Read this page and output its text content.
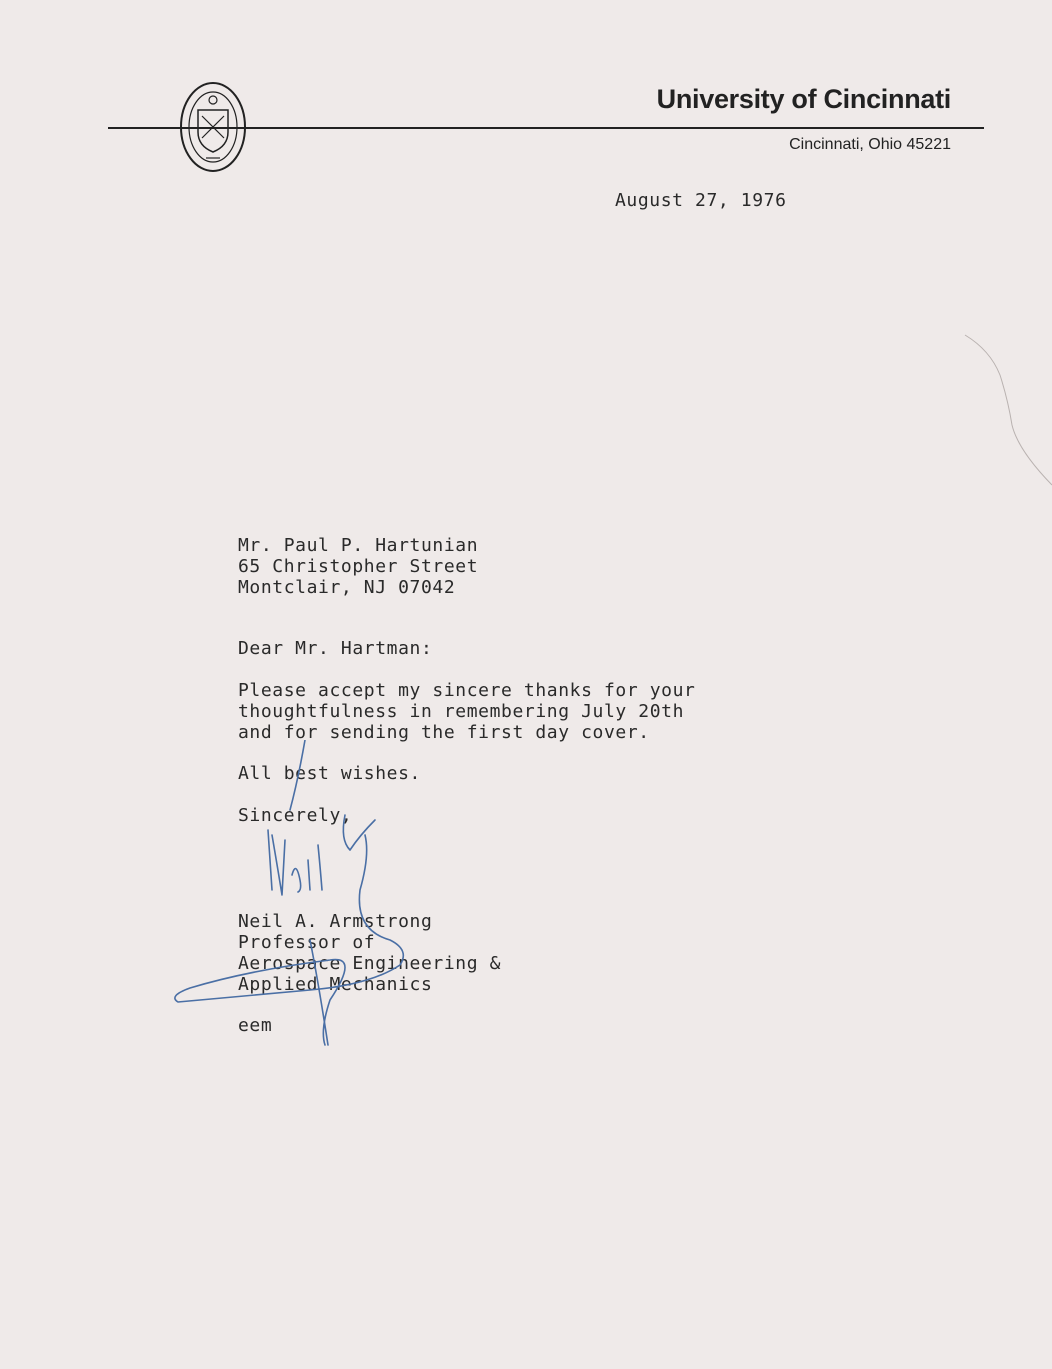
University of Cincinnati
Cincinnati, Ohio 45221
August 27, 1976
Mr. Paul P. Hartunian
65 Christopher Street
Montclair, NJ 07042
Dear Mr. Hartman:
Please accept my sincere thanks for your
thoughtfulness in remembering July 20th
and for sending the first day cover.
All best wishes.
Sincerely,
Neil A. Armstrong
Professor of
Aerospace Engineering &
Applied Mechanics
eem
